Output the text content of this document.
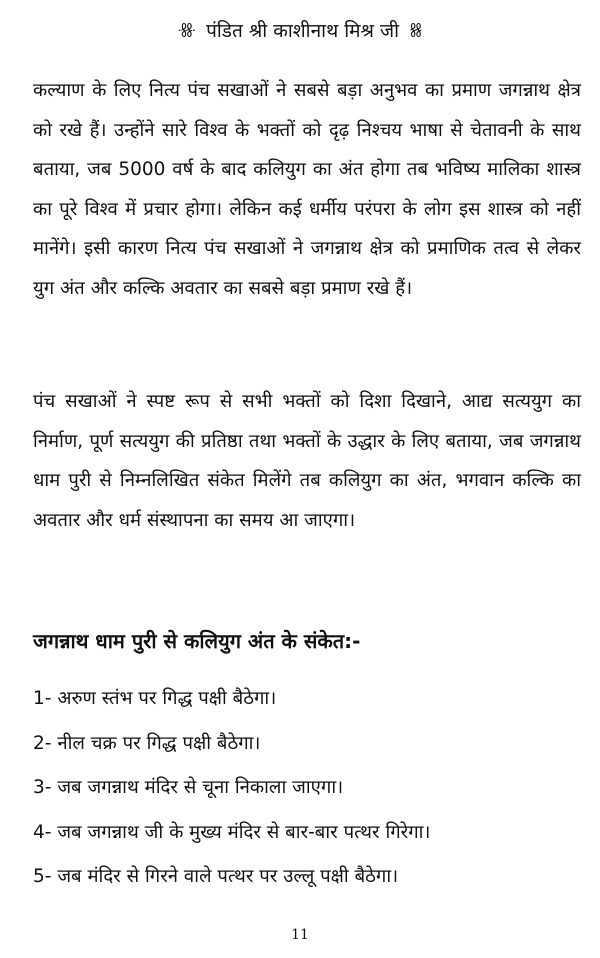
ꗥ पंडित श्री काशीनाथ मिश्र जी ꗤ

कल्याण के लिए नित्य पंच सखाओं ने सबसे बड़ा अनुभव का प्रमाण जगन्नाथ क्षेत्र को रखे हैं। उन्होंने सारे विश्व के भक्तों को दृढ़ निश्चय भाषा से चेतावनी के साथ बताया, जब 5000 वर्ष के बाद कलियुग का अंत होगा तब भविष्य मालिका शास्त्र का पूरे विश्व में प्रचार होगा। लेकिन कई धर्मीय परंपरा के लोग इस शास्त्र को नहीं मानेंगे। इसी कारण नित्य पंच सखाओं ने जगन्नाथ क्षेत्र को प्रमाणिक तत्व से लेकर युग अंत और कल्कि अवतार का सबसे बड़ा प्रमाण रखे हैं।

पंच सखाओं ने स्पष्ट रूप से सभी भक्तों को दिशा दिखाने, आद्य सत्ययुग का निर्माण, पूर्ण सत्ययुग की प्रतिष्ठा तथा भक्तों के उद्धार के लिए बताया, जब जगन्नाथ धाम पुरी से निम्नलिखित संकेत मिलेंगे तब कलियुग का अंत, भगवान कल्कि का अवतार और धर्म संस्थापना का समय आ जाएगा।

जगन्नाथ धाम पुरी से कलियुग अंत के संकेत:-
1- अरुण स्तंभ पर गिद्ध पक्षी बैठेगा।
2- नील चक्र पर गिद्ध पक्षी बैठेगा।
3- जब जगन्नाथ मंदिर से चूना निकाला जाएगा।
4- जब जगन्नाथ जी के मुख्य मंदिर से बार-बार पत्थर गिरेगा।
5- जब मंदिर से गिरने वाले पत्थर पर उल्लू पक्षी बैठेगा।
11
